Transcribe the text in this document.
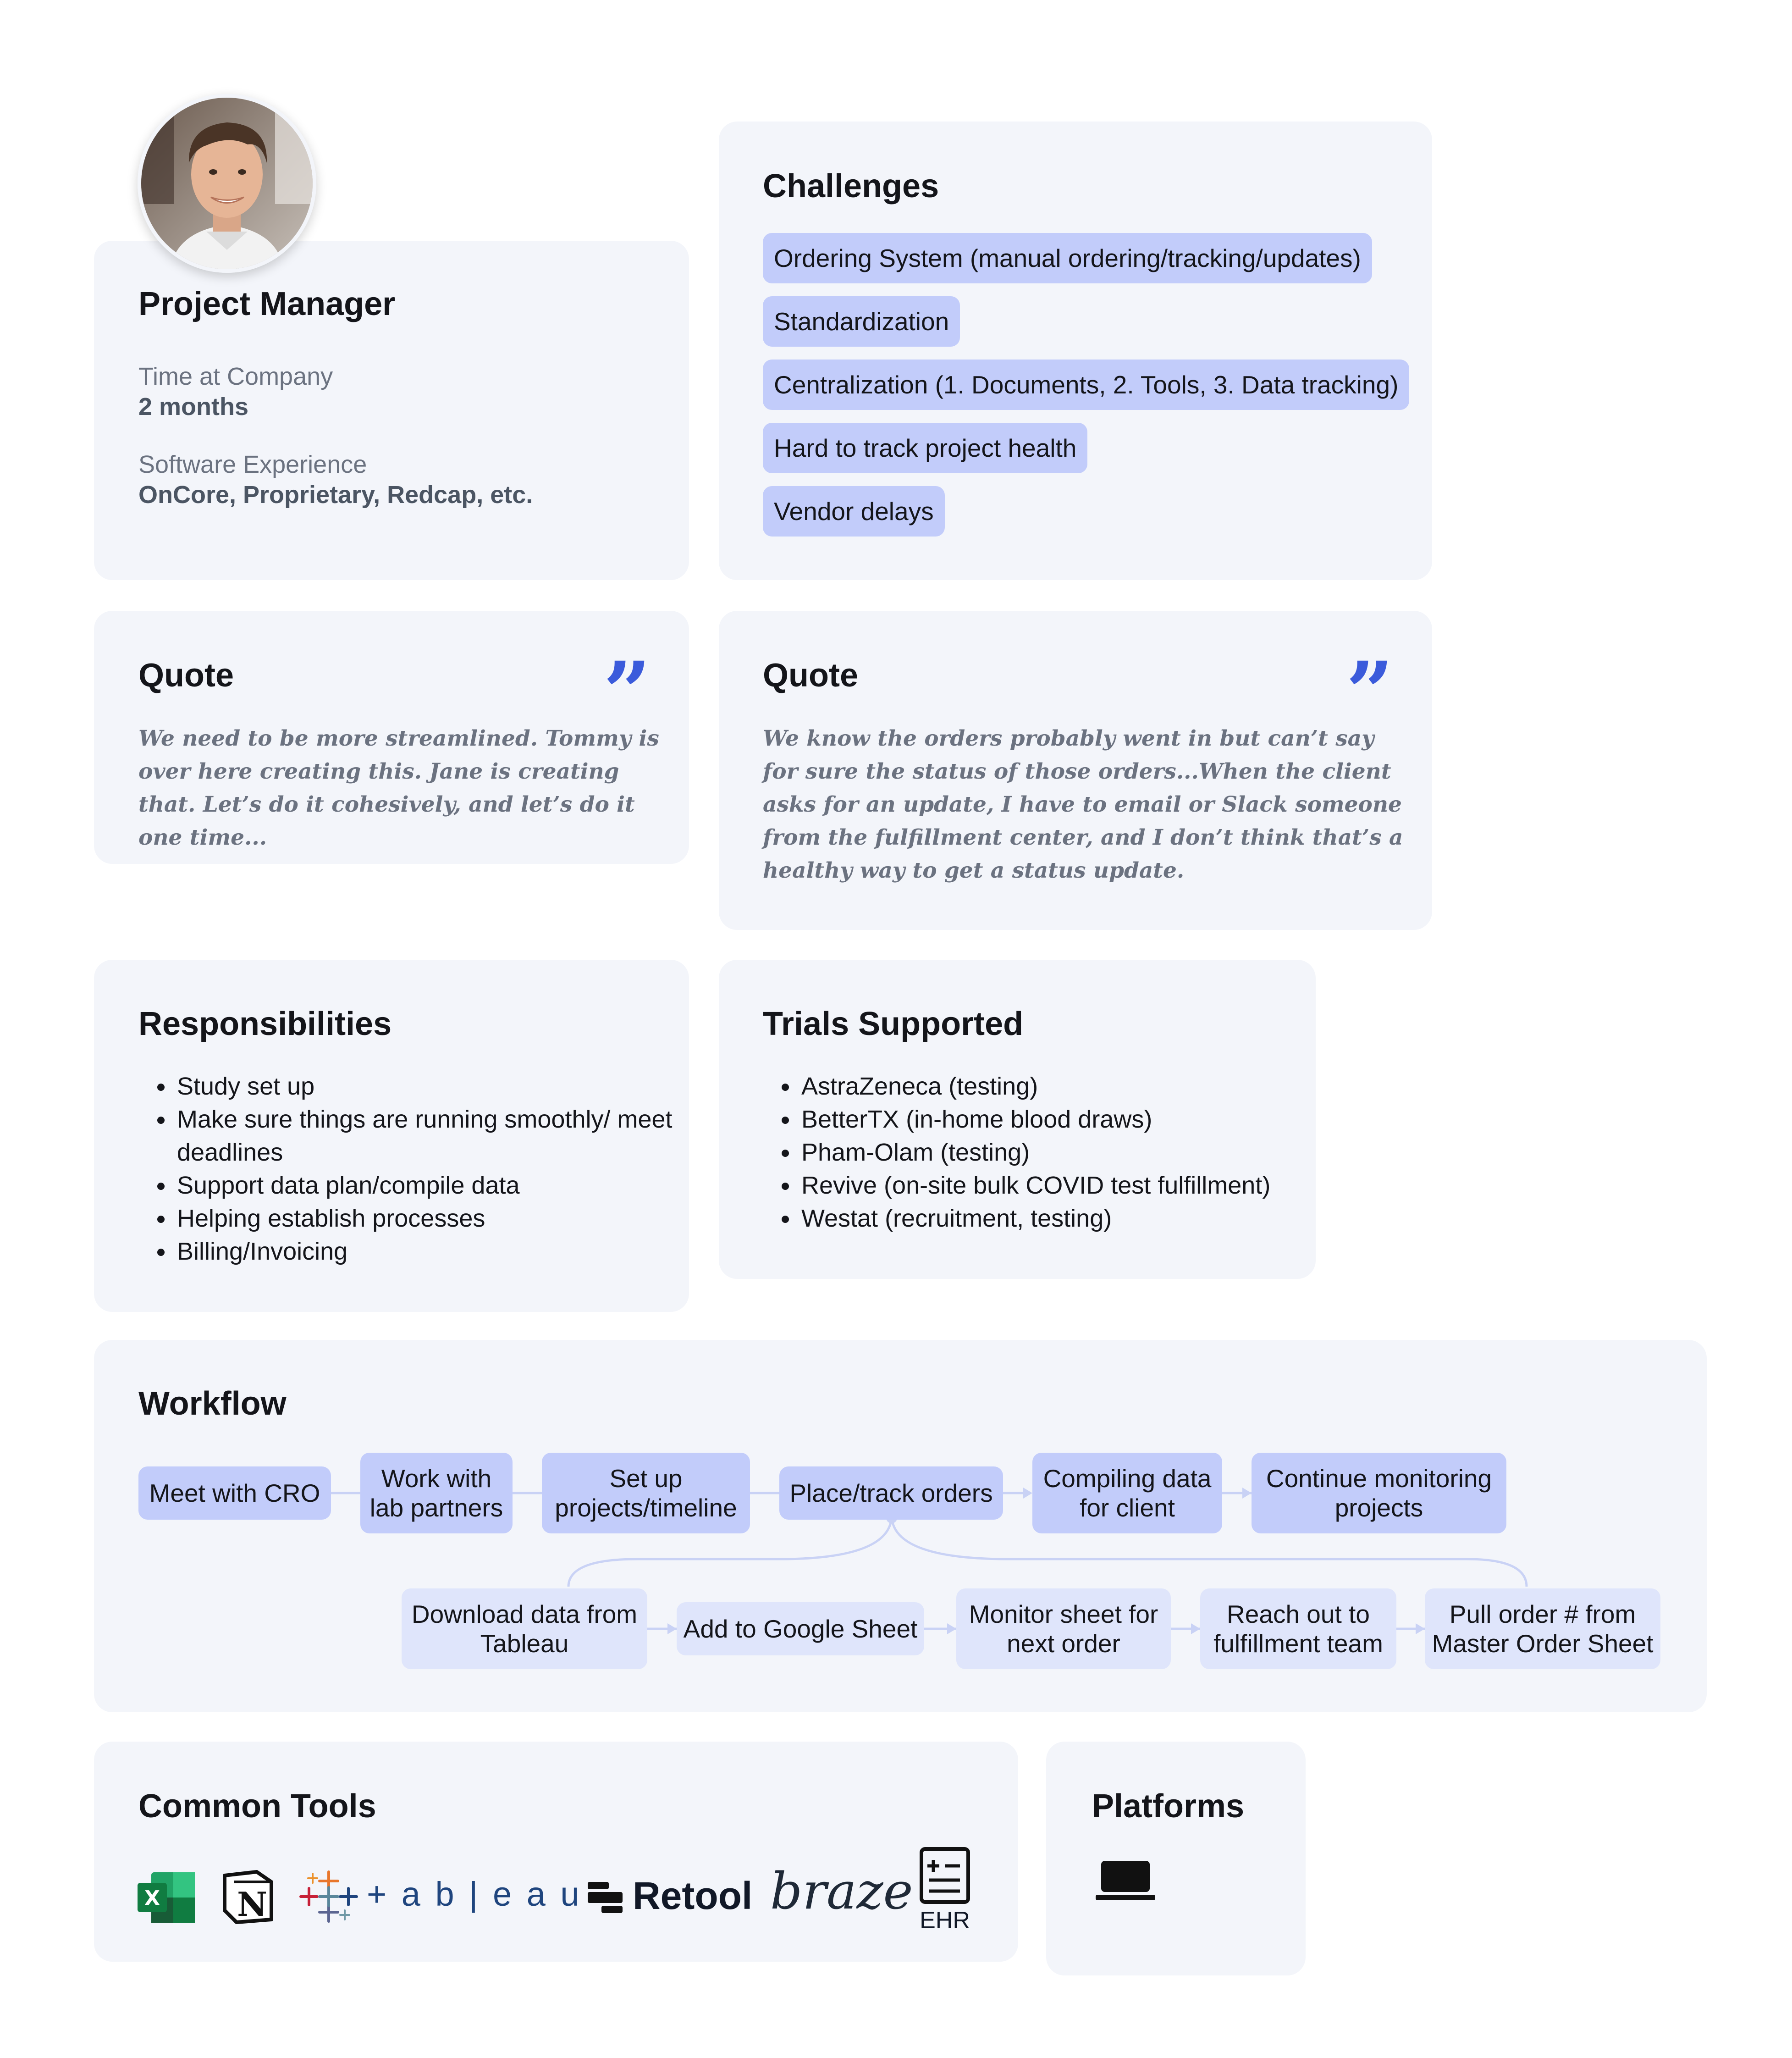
Project Manager
Time at Company
2 months
Software Experience
OnCore, Proprietary, Redcap, etc.
Challenges
Ordering System (manual ordering/tracking/updates)
Standardization
Centralization (1. Documents, 2. Tools, 3. Data tracking)
Hard to track project health
Vendor delays
Quote	”
We need to be more streamlined. Tommy is over here creating this. Jane is creating that. Let’s do it cohesively, and let’s do it one time...
Quote	”
We know the orders probably went in but can’t say for sure the status of those orders...When the client asks for an update, I have to email or Slack someone from the fulfillment center, and I don’t think that’s a healthy way to get a status update.
Responsibilities
• Study set up
• Make sure things are running smoothly/ meet deadlines
• Support data plan/compile data
• Helping establish processes
• Billing/Invoicing
Trials Supported
• AstraZeneca (testing)
• BetterTX (in-home blood draws)
• Pham-Olam (testing)
• Revive (on-site bulk COVID test fulfillment)
• Westat (recruitment, testing)
Workflow
Meet with CRO
Work with
lab partners
Set up
projects/timeline
Place/track orders
Compiling data
for client
Continue monitoring
projects
Download data from
Tableau
Add to Google Sheet
Monitor sheet for
next order
Reach out to
fulfillment team
Pull order # from
Master Order Sheet
Common Tools
X N	+ a b | e a u Retool braze EHR
Platforms
